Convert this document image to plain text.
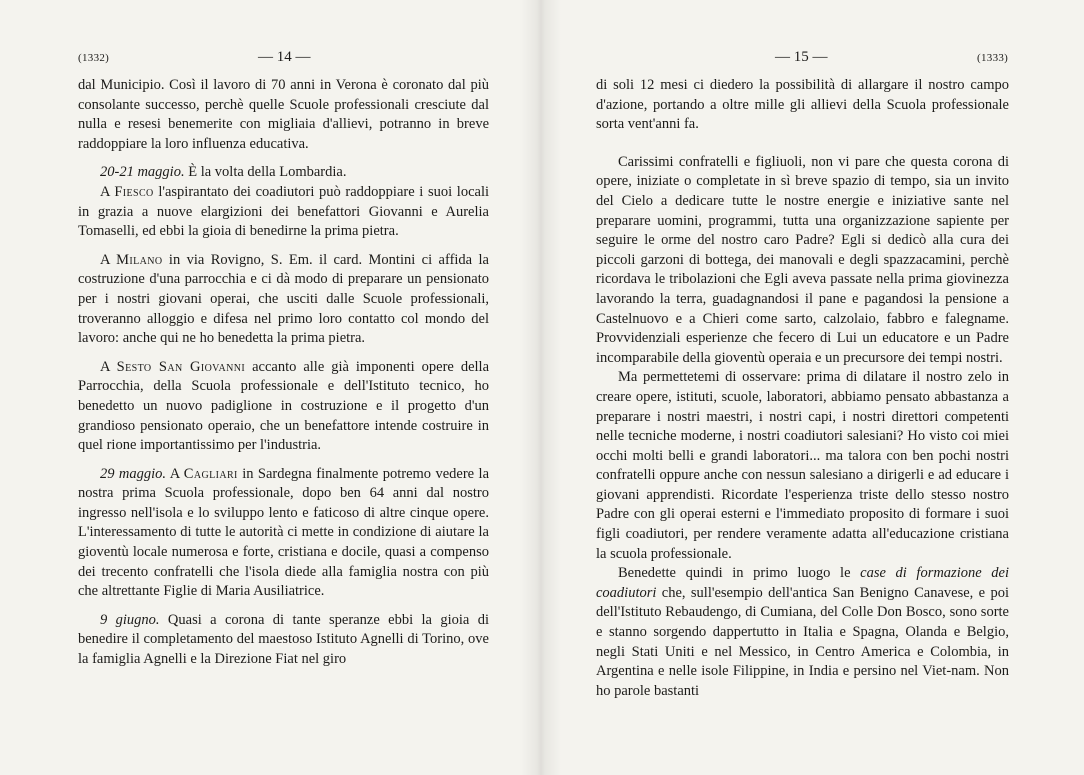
(1332)	— 14 —	— 15 —	(1333)

dal Municipio. Così il lavoro di 70 anni in Verona è coronato dal più consolante successo, perchè quelle Scuole professionali cresciute dal nulla e resesi benemerite con migliaia d'allievi, potranno in breve raddoppiare la loro influenza educativa.

20-21 maggio. È la volta della Lombardia.

A Fiesco l'aspirantato dei coadiutori può raddoppiare i suoi locali in grazia a nuove elargizioni dei benefattori Giovanni e Aurelia Tomaselli, ed ebbi la gioia di benedirne la prima pietra.

A Milano in via Rovigno, S. Em. il card. Montini ci affida la costruzione d'una parrocchia e ci dà modo di preparare un pensionato per i nostri giovani operai, che usciti dalle Scuole professionali, troveranno alloggio e difesa nel primo loro contatto col mondo del lavoro: anche qui ne ho benedetta la prima pietra.

A Sesto San Giovanni accanto alle già imponenti opere della Parrocchia, della Scuola professionale e dell'Istituto tecnico, ho benedetto un nuovo padiglione in costruzione e il progetto d'un grandioso pensionato operaio, che un benefattore intende costruire in quel rione importantissimo per l'industria.

29 maggio. A Cagliari in Sardegna finalmente potremo vedere la nostra prima Scuola professionale, dopo ben 64 anni dal nostro ingresso nell'isola e lo sviluppo lento e faticoso di altre cinque opere. L'interessamento di tutte le autorità ci mette in condizione di aiutare la gioventù locale numerosa e forte, cristiana e docile, quasi a compenso dei trecento confratelli che l'isola diede alla famiglia nostra con più che altrettante Figlie di Maria Ausiliatrice.

9 giugno. Quasi a corona di tante speranze ebbi la gioia di benedire il completamento del maestoso Istituto Agnelli di Torino, ove la famiglia Agnelli e la Direzione Fiat nel giro

di soli 12 mesi ci diedero la possibilità di allargare il nostro campo d'azione, portando a oltre mille gli allievi della Scuola professionale sorta vent'anni fa.

Carissimi confratelli e figliuoli, non vi pare che questa corona di opere, iniziate o completate in sì breve spazio di tempo, sia un invito del Cielo a dedicare tutte le nostre energie e iniziative sante nel preparare uomini, programmi, tutta una organizzazione sapiente per seguire le orme del nostro caro Padre? Egli si dedicò alla cura dei piccoli garzoni di bottega, dei manovali e degli spazzacamini, perchè ricordava le tribolazioni che Egli aveva passate nella prima giovinezza lavorando la terra, guadagnandosi il pane e pagandosi la pensione a Castelnuovo e a Chieri come sarto, calzolaio, fabbro e falegname. Provvidenziali esperienze che fecero di Lui un educatore e un Padre incomparabile della gioventù operaia e un precursore dei tempi nostri.

Ma permettetemi di osservare: prima di dilatare il nostro zelo in creare opere, istituti, scuole, laboratori, abbiamo pensato abbastanza a preparare i nostri maestri, i nostri capi, i nostri direttori competenti nelle tecniche moderne, i nostri coadiutori salesiani? Ho visto coi miei occhi molti belli e grandi laboratori... ma talora con ben pochi nostri confratelli oppure anche con nessun salesiano a dirigerli e ad educare i giovani apprendisti. Ricordate l'esperienza triste dello stesso nostro Padre con gli operai esterni e l'immediato proposito di formare i suoi figli coadiutori, per rendere veramente adatta all'educazione cristiana la scuola professionale.

Benedette quindi in primo luogo le case di formazione dei coadiutori che, sull'esempio dell'antica San Benigno Canavese, e poi dell'Istituto Rebaudengo, di Cumiana, del Colle Don Bosco, sono sorte e stanno sorgendo dappertutto in Italia e Spagna, Olanda e Belgio, negli Stati Uniti e nel Messico, in Centro America e Colombia, in Argentina e nelle isole Filippine, in India e persino nel Viet-nam. Non ho parole bastanti
